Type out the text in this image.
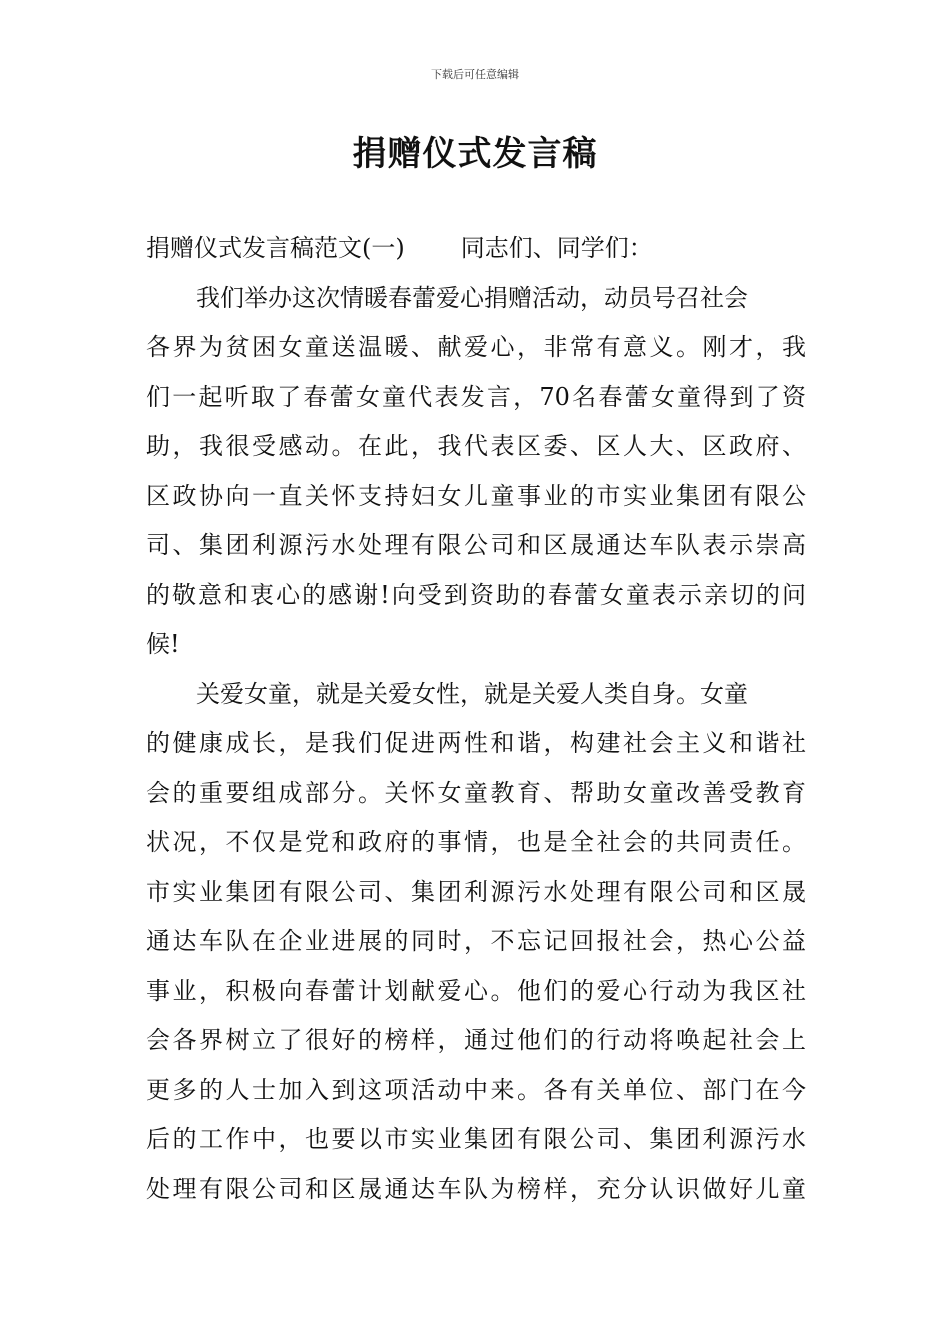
下载后可任意编辑
捐赠仪式发言稿
捐赠仪式发言稿范文(一) 同志们、同学们：
我们举办这次情暖春蕾爱心捐赠活动，动员号召社会
各界为贫困女童送温暖、献爱心，非常有意义。刚才，我
们一起听取了春蕾女童代表发言，70名春蕾女童得到了资
助，我很受感动。在此，我代表区委、区人大、区政府、
区政协向一直关怀支持妇女儿童事业的市实业集团有限公
司、集团利源污水处理有限公司和区晟通达车队表示崇高
的敬意和衷心的感谢!向受到资助的春蕾女童表示亲切的问
候!
关爱女童，就是关爱女性，就是关爱人类自身。女童
的健康成长，是我们促进两性和谐，构建社会主义和谐社
会的重要组成部分。关怀女童教育、帮助女童改善受教育
状况，不仅是党和政府的事情，也是全社会的共同责任。
市实业集团有限公司、集团利源污水处理有限公司和区晟
通达车队在企业进展的同时，不忘记回报社会，热心公益
事业，积极向春蕾计划献爱心。他们的爱心行动为我区社
会各界树立了很好的榜样，通过他们的行动将唤起社会上
更多的人士加入到这项活动中来。各有关单位、部门在今
后的工作中，也要以市实业集团有限公司、集团利源污水
处理有限公司和区晟通达车队为榜样，充分认识做好儿童
